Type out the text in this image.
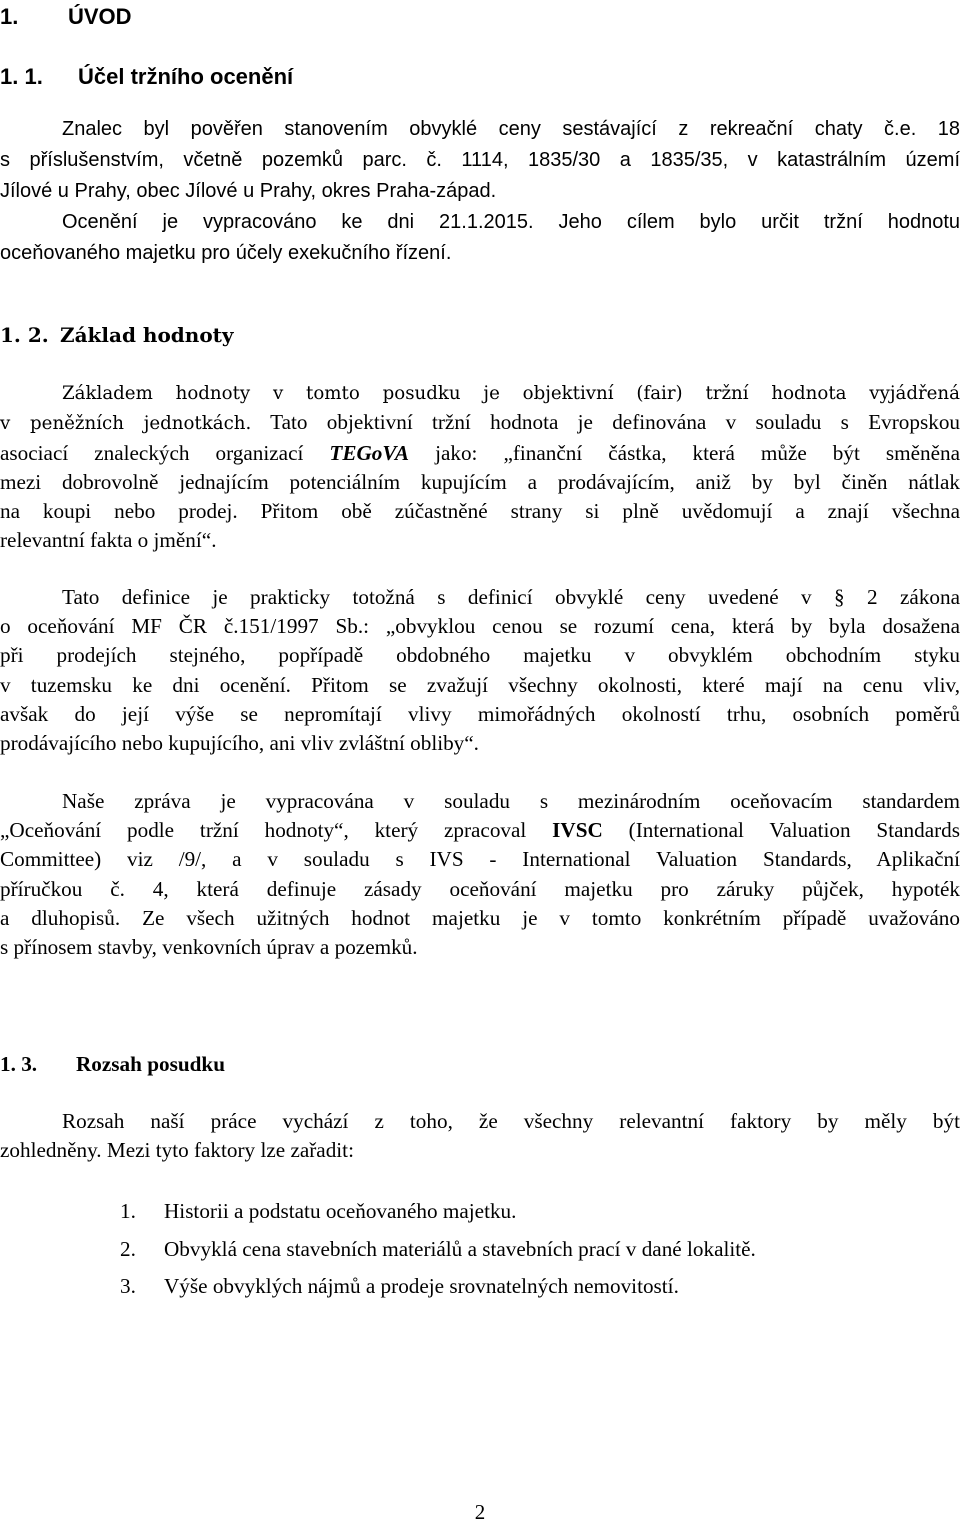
1. ÚVOD
1. 1. Účel tržního ocenění
Znalec byl pověřen stanovením obvyklé ceny sestávající z rekreační chaty č.e. 18
s příslušenstvím, včetně pozemků parc. č. 1114, 1835/30 a 1835/35, v katastrálním území
Jílové u Prahy, obec Jílové u Prahy, okres Praha-západ.
Ocenění je vypracováno ke dni 21.1.2015. Jeho cílem bylo určit tržní hodnotu
oceňovaného majetku pro účely exekučního řízení.
1. 2. Základ hodnoty
Základem hodnoty v tomto posudku je objektivní (fair) tržní hodnota vyjádřená
v peněžních jednotkách. Tato objektivní tržní hodnota je definována v souladu s Evropskou
asociací znaleckých organizací TEGoVA jako: „finanční částka, která může být směněna
mezi dobrovolně jednajícím potenciálním kupujícím a prodávajícím, aniž by byl činěn nátlak
na koupi nebo prodej. Přitom obě zúčastněné strany si plně uvědomují a znají všechna
relevantní fakta o jmění“.
Tato definice je prakticky totožná s definicí obvyklé ceny uvedené v § 2 zákona
o oceňování MF ČR č.151/1997 Sb.: „obvyklou cenou se rozumí cena, která by byla dosažena
při prodejích stejného, popřípadě obdobného majetku v obvyklém obchodním styku
v tuzemsku ke dni ocenění. Přitom se zvažují všechny okolnosti, které mají na cenu vliv,
avšak do její výše se nepromítají vlivy mimořádných okolností trhu, osobních poměrů
prodávajícího nebo kupujícího, ani vliv zvláštní obliby“.
Naše zpráva je vypracována v souladu s mezinárodním oceňovacím standardem
„Oceňování podle tržní hodnoty“, který zpracoval IVSC (International Valuation Standards
Committee) viz /9/, a v souladu s IVS - International Valuation Standards, Aplikační
příručkou č. 4, která definuje zásady oceňování majetku pro záruky půjček, hypoték
a dluhopisů. Ze všech užitných hodnot majetku je v tomto konkrétním případě uvažováno
s přínosem stavby, venkovních úprav a pozemků.
1. 3. Rozsah posudku
Rozsah naší práce vychází z toho, že všechny relevantní faktory by měly být
zohledněny. Mezi tyto faktory lze zařadit:
1. Historii a podstatu oceňovaného majetku.
2. Obvyklá cena stavebních materiálů a stavebních prací v dané lokalitě.
3. Výše obvyklých nájmů a prodeje srovnatelných nemovitostí.
2
